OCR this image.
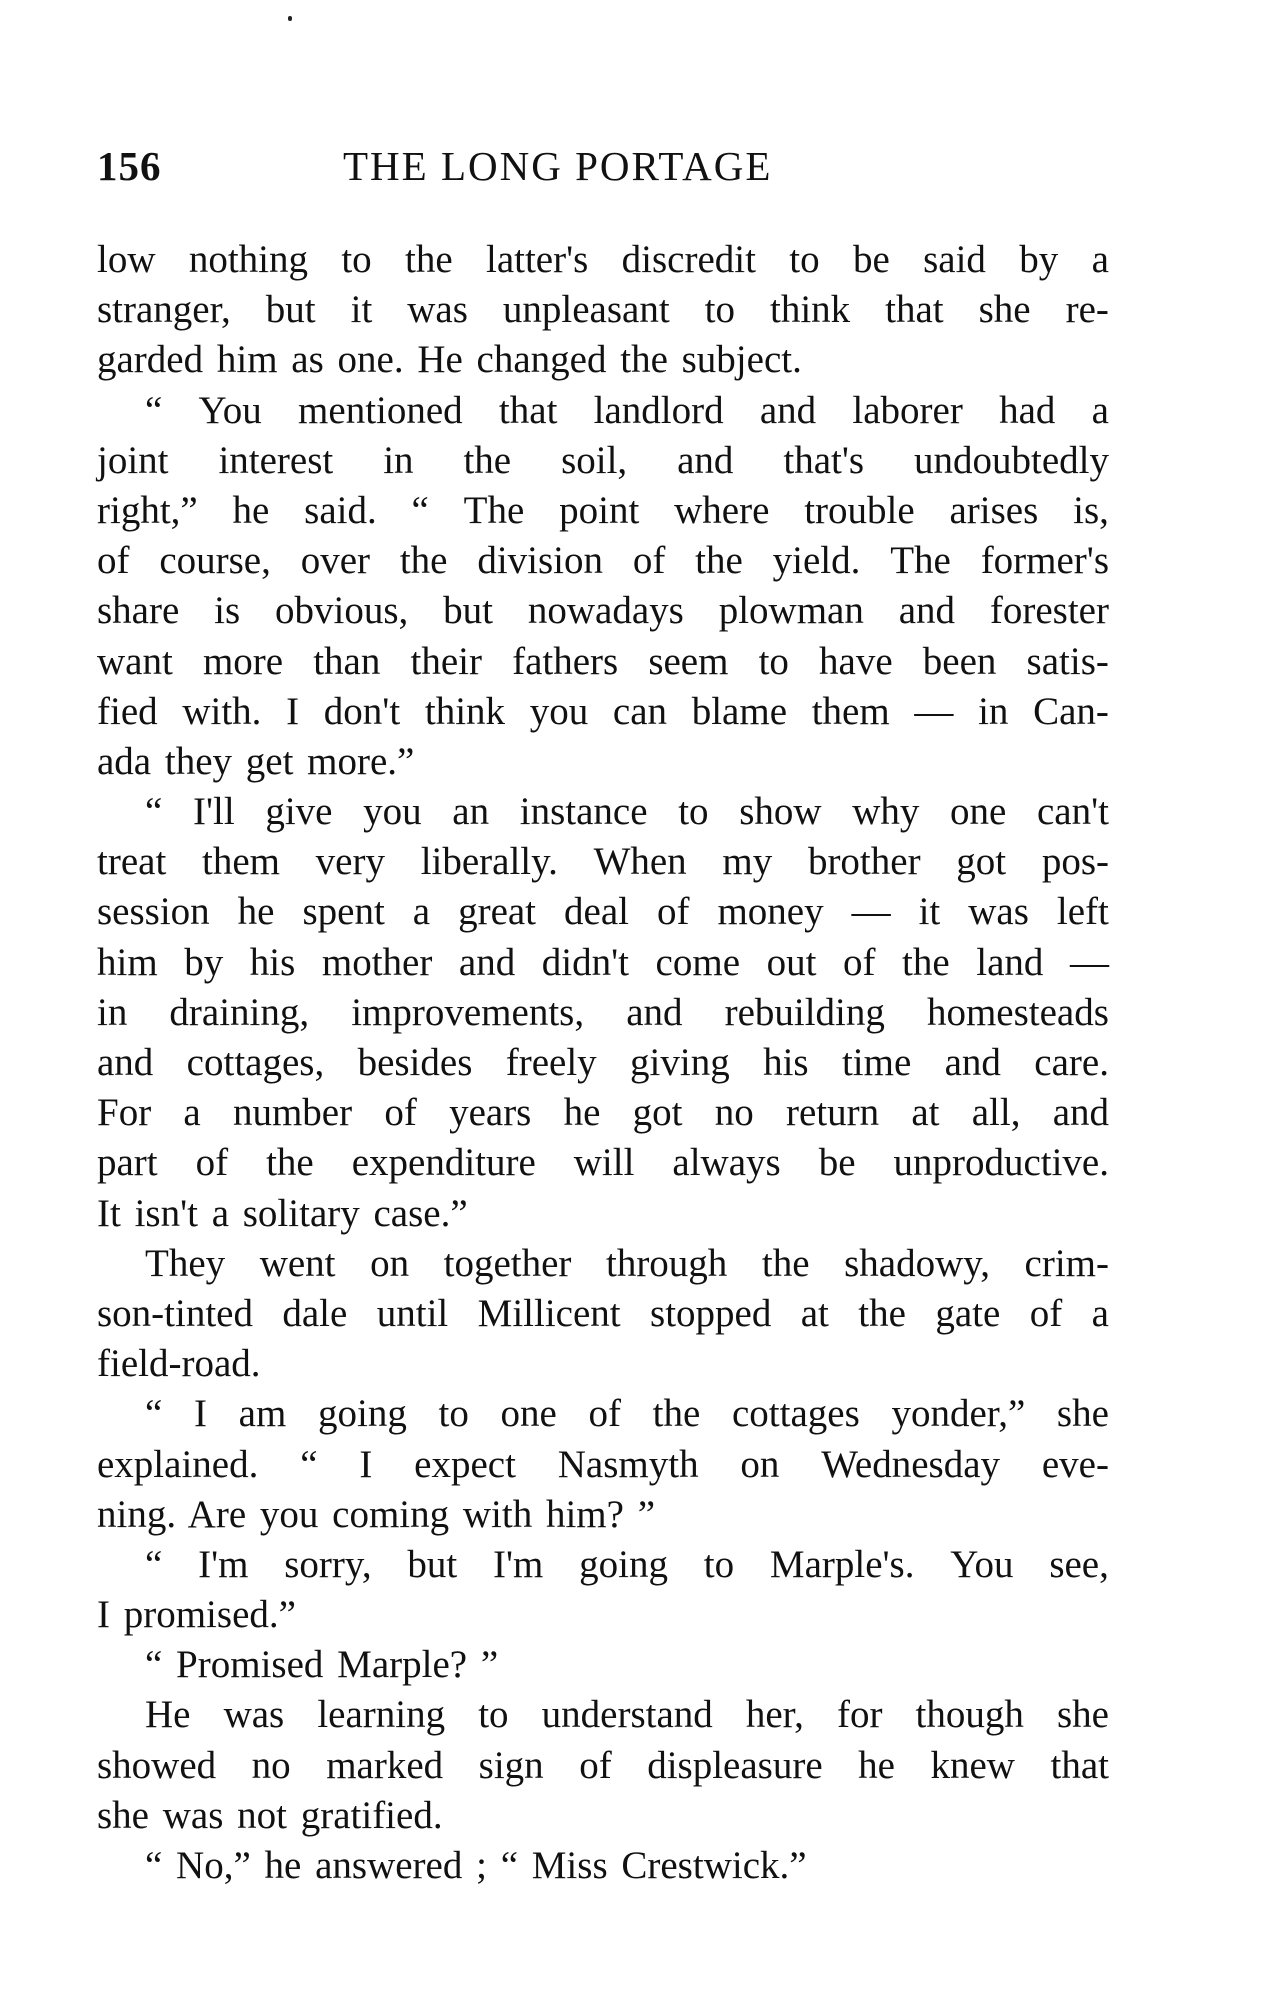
156	THE LONG PORTAGE
low nothing to the latter's discredit to be said by a
stranger, but it was unpleasant to think that she re-
garded him as one. He changed the subject.
“ You mentioned that landlord and laborer had a
joint interest in the soil, and that's undoubtedly
right,” he said. “ The point where trouble arises is,
of course, over the division of the yield. The former's
share is obvious, but nowadays plowman and forester
want more than their fathers seem to have been satis-
fied with. I don't think you can blame them — in Can-
ada they get more.”
“ I'll give you an instance to show why one can't
treat them very liberally. When my brother got pos-
session he spent a great deal of money — it was left
him by his mother and didn't come out of the land —
in draining, improvements, and rebuilding homesteads
and cottages, besides freely giving his time and care.
For a number of years he got no return at all, and
part of the expenditure will always be unproductive.
It isn't a solitary case.”
They went on together through the shadowy, crim-
son-tinted dale until Millicent stopped at the gate of a
field-road.
“ I am going to one of the cottages yonder,” she
explained. “ I expect Nasmyth on Wednesday eve-
ning. Are you coming with him? ”
“ I'm sorry, but I'm going to Marple's. You see,
I promised.”
“ Promised Marple? ”
He was learning to understand her, for though she
showed no marked sign of displeasure he knew that
she was not gratified.
“ No,” he answered ; “ Miss Crestwick.”
